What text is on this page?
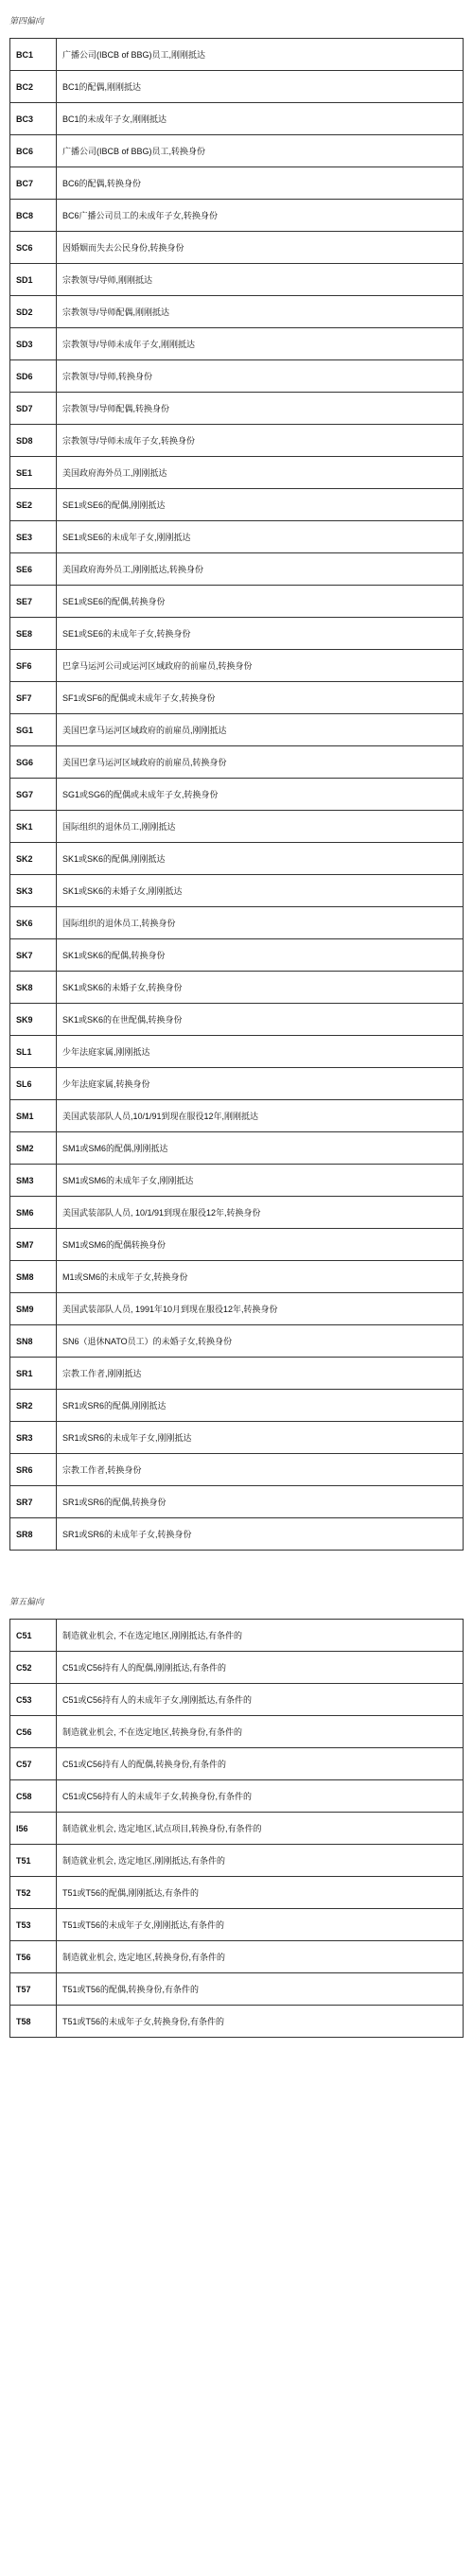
第四偏向
BC1	广播公司(IBCB of BBG)员工,刚刚抵达
BC2	BC1的配偶,刚刚抵达
BC3	BC1的未成年子女,刚刚抵达
BC6	广播公司(IBCB of BBG)员工,转换身份
BC7	BC6的配偶,转换身份
BC8	BC6广播公司员工的未成年子女,转换身份
SC6	因婚姻而失去公民身份,转换身份
SD1	宗教领导/导师,刚刚抵达
SD2	宗教领导/导师配偶,刚刚抵达
SD3	宗教领导/导师未成年子女,刚刚抵达
SD6	宗教领导/导师,转换身份
SD7	宗教领导/导师配偶,转换身份
SD8	宗教领导/导师未成年子女,转换身份
SE1	美国政府海外员工,刚刚抵达
SE2	SE1或SE6的配偶,刚刚抵达
SE3	SE1或SE6的未成年子女,刚刚抵达
SE6	美国政府海外员工,刚刚抵达,转换身份
SE7	SE1或SE6的配偶,转换身份
SE8	SE1或SE6的未成年子女,转换身份
SF6	巴拿马运河公司或运河区域政府的前雇员,转换身份
SF7	SF1或SF6的配偶或未成年子女,转换身份
SG1	美国巴拿马运河区域政府的前雇员,刚刚抵达
SG6	美国巴拿马运河区域政府的前雇员,转换身份
SG7	SG1或SG6的配偶或未成年子女,转换身份
SK1	国际组织的退休员工,刚刚抵达
SK2	SK1或SK6的配偶,刚刚抵达
SK3	SK1或SK6的未婚子女,刚刚抵达
SK6	国际组织的退休员工,转换身份
SK7	SK1或SK6的配偶,转换身份
SK8	SK1或SK6的未婚子女,转换身份
SK9	SK1或SK6的在世配偶,转换身份
SL1	少年法庭家属,刚刚抵达
SL6	少年法庭家属,转换身份
SM1	美国武装部队人员,10/1/91到现在服役12年,刚刚抵达
SM2	SM1或SM6的配偶,刚刚抵达
SM3	SM1或SM6的未成年子女,刚刚抵达
SM6	美国武装部队人员, 10/1/91到现在服役12年,转换身份
SM7	SM1或SM6的配偶转换身份
SM8	M1或SM6的未成年子女,转换身份
SM9	美国武装部队人员, 1991年10月到现在服役12年,转换身份
SN8	SN6（退休NATO员工）的未婚子女,转换身份
SR1	宗教工作者,刚刚抵达
SR2	SR1或SR6的配偶,刚刚抵达
SR3	SR1或SR6的未成年子女,刚刚抵达
SR6	宗教工作者,转换身份
SR7	SR1或SR6的配偶,转换身份
SR8	SR1或SR6的未成年子女,转换身份
第五偏向
C51	制造就业机会, 不在选定地区,刚刚抵达,有条件的
C52	C51或C56持有人的配偶,刚刚抵达,有条件的
C53	C51或C56持有人的未成年子女,刚刚抵达,有条件的
C56	制造就业机会, 不在选定地区,转换身份,有条件的
C57	C51或C56持有人的配偶,转换身份,有条件的
C58	C51或C56持有人的未成年子女,转换身份,有条件的
I56	制造就业机会, 选定地区,试点项目,转换身份,有条件的
T51	制造就业机会, 选定地区,刚刚抵达,有条件的
T52	T51或T56的配偶,刚刚抵达,有条件的
T53	T51或T56的未成年子女,刚刚抵达,有条件的
T56	制造就业机会, 选定地区,转换身份,有条件的
T57	T51或T56的配偶,转换身份,有条件的
T58	T51或T56的未成年子女,转换身份,有条件的
